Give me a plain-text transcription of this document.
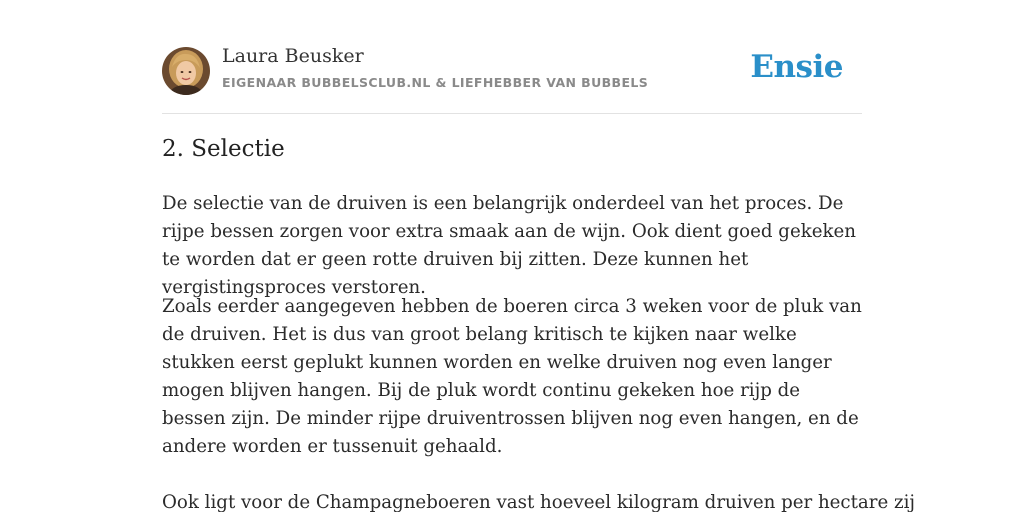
Laura Beusker
EIGENAAR BUBBELSCLUB.NL & LIEFHEBBER VAN BUBBELS	Ensie
2. Selectie

De selectie van de druiven is een belangrijk onderdeel van het proces. De rijpe bessen zorgen voor extra smaak aan de wijn. Ook dient goed gekeken te worden dat er geen rotte druiven bij zitten. Deze kunnen het vergistingsproces verstoren.

Zoals eerder aangegeven hebben de boeren circa 3 weken voor de pluk van de druiven. Het is dus van groot belang kritisch te kijken naar welke stukken eerst geplukt kunnen worden en welke druiven nog even langer mogen blijven hangen. Bij de pluk wordt continu gekeken hoe rijp de bessen zijn. De minder rijpe druiventrossen blijven nog even hangen, en de andere worden er tussenuit gehaald.

Ook ligt voor de Champagneboeren vast hoeveel kilogram druiven per hectare zij
